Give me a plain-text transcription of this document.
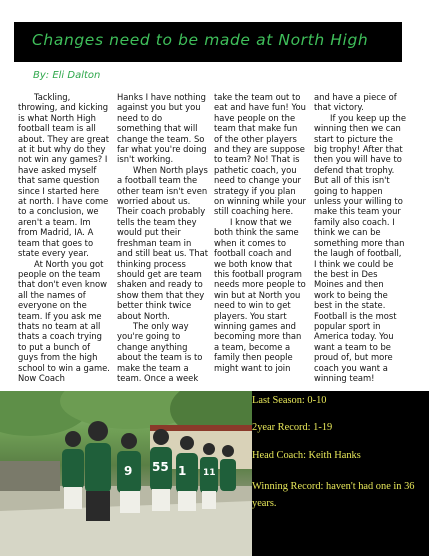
Changes need to be made at North High
By: Eli Dalton

Tackling, throwing, and kicking is what North High football team is all about. They are great at it but why do they not win any games? I have asked myself that same question since I started here at north. I have come to a conclusion, we aren't a team. Im from Madrid, IA. A team that goes to state every year.

At North you got people on the team that don't even know all the names of everyone on the team. If you ask me thats no team at all thats a coach trying to put a bunch of guys from the high school to win a game. Now Coach

Hanks I have nothing against you but you need to do something that will change the team. So far what you're doing isn't working.

When North plays a football team the other team isn't even worried about us. Their coach probably tells the team they would put their freshman team in and still beat us. That thinking process should get are team shaken and ready to show them that they better think twice about North.

The only way you're going to change anything about the team is to make the team a team. Once a week

take the team out to eat and have fun! You have people on the team that make fun of the other players and they are suppose to team? No! That is pathetic coach, you need to change your strategy if you plan on winning while your still coaching here.

I know that we both think the same when it comes to football coach and we both know that this football program needs more people to win but at North you need to win to get players. You start winning games and becoming more than a team, become a family then people might want to join

and have a piece of that victory.

If you keep up the winning then we can start to picture the big trophy! After that then you will have to defend that trophy. But all of this isn't going to happen unless your willing to make this team your family also coach. I think we can be something more than the laugh of football, I think we could be the best in Des Moines and then work to being the best in the state. Football is the most popular sport in America today. You want a team to be proud of, but more coach you want a winning team!

9 55 1 11
Last Season: 0-10
2year Record: 1-19
Head Coach: Keith Hanks
Winning Record: haven't had one in 36 years.
